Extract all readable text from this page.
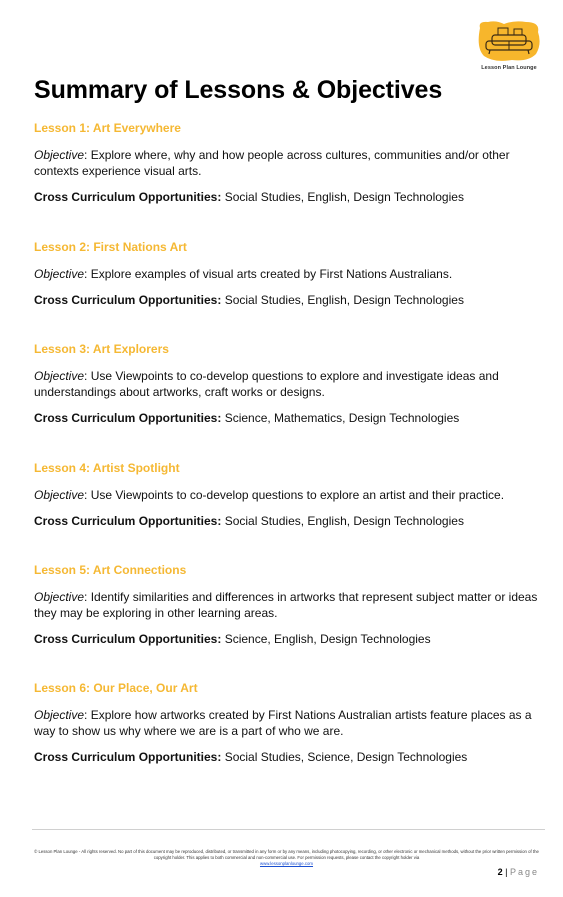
Lesson Plan Lounge
Summary of Lessons & Objectives
Lesson 1: Art Everywhere

Objective: Explore where, why and how people across cultures, communities and/or other contexts experience visual arts.

Cross Curriculum Opportunities: Social Studies, English, Design Technologies

Lesson 2: First Nations Art

Objective: Explore examples of visual arts created by First Nations Australians.

Cross Curriculum Opportunities: Social Studies, English, Design Technologies

Lesson 3: Art Explorers

Objective: Use Viewpoints to co-develop questions to explore and investigate ideas and understandings about artworks, craft works or designs.

Cross Curriculum Opportunities: Science, Mathematics, Design Technologies

Lesson 4: Artist Spotlight

Objective: Use Viewpoints to co-develop questions to explore an artist and their practice.

Cross Curriculum Opportunities: Social Studies, English, Design Technologies

Lesson 5: Art Connections

Objective: Identify similarities and differences in artworks that represent subject matter or ideas they may be exploring in other learning areas.

Cross Curriculum Opportunities: Science, English, Design Technologies

Lesson 6: Our Place, Our Art

Objective: Explore how artworks created by First Nations Australian artists feature places as a way to show us why where we are is a part of who we are.

Cross Curriculum Opportunities: Social Studies, Science, Design Technologies

© Lesson Plan Lounge - All rights reserved. No part of this document may be reproduced, distributed, or transmitted in any form or by any means, including photocopying, recording, or other electronic or mechanical methods, without the prior written permission of the copyright holder. This applies to both commercial and non-commercial use. For permission requests, please contact the copyright holder via
www.lessonplanlounge.com
2 | Page
